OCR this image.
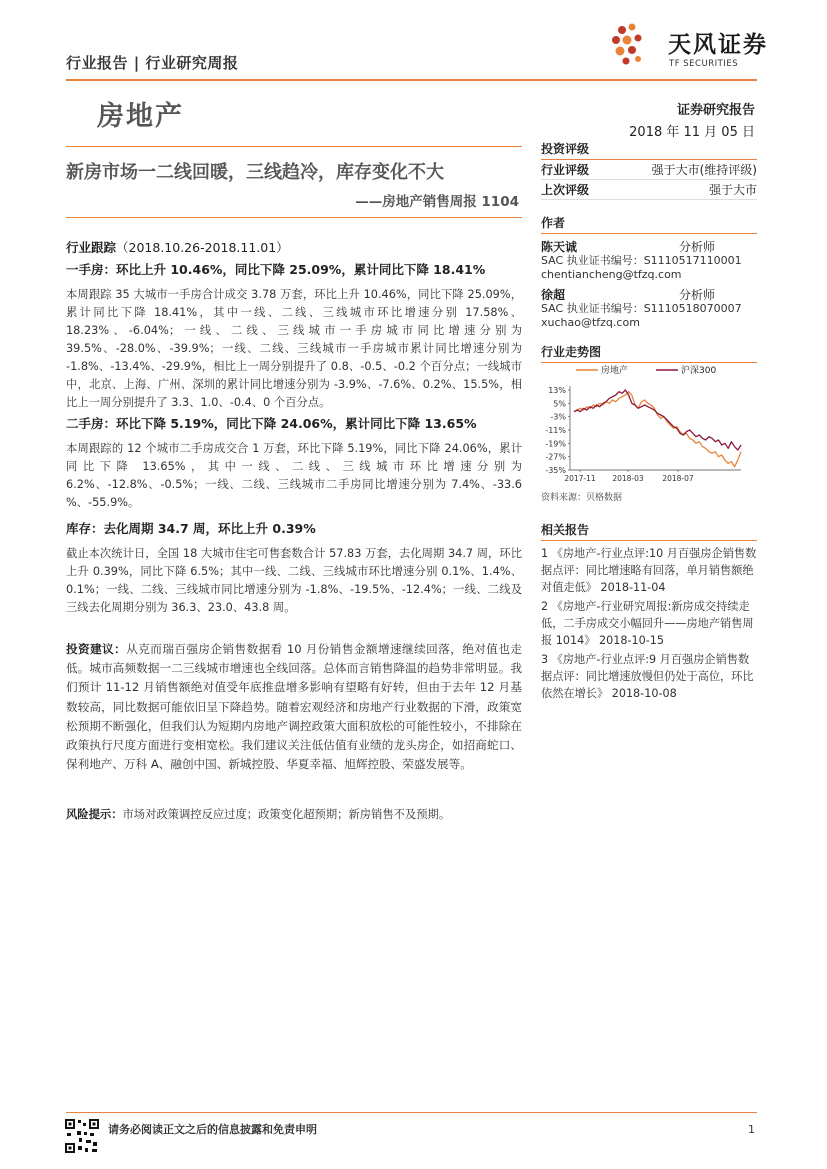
行业报告 | 行业研究周报
天风证券
TF SECURITIES
房地产	证券研究报告
2018 年 11 月 05 日
新房市场一二线回暖，三线趋冷，库存变化不大
——房地产销售周报 1104
行业跟踪（2018.10.26-2018.11.01）
一手房：环比上升 10.46%，同比下降 25.09%，累计同比下降 18.41%
本周跟踪 35 大城市一手房合计成交 3.78 万套，环比上升 10.46%，同比下降 25.09%，累计同比下降 18.41%，其中一线、二线、三线城市环比增速分别 17.58%、18.23%、-6.04%；一线、二线、三线城市一手房城市同比增速分别为 39.5%、-28.0%、-39.9%；一线、二线、三线城市一手房城市累计同比增速分别为 -1.8%、-13.4%、-29.9%，相比上一周分别提升了 0.8、-0.5、-0.2 个百分点；一线城市中，北京、上海、广州、深圳的累计同比增速分别为 -3.9%、-7.6%、0.2%、15.5%，相比上一周分别提升了 3.3、1.0、-0.4、0 个百分点。
二手房：环比下降 5.19%，同比下降 24.06%，累计同比下降 13.65%
本周跟踪的 12 个城市二手房成交合 1 万套，环比下降 5.19%，同比下降 24.06%，累计同比下降 13.65%，其中一线、二线、三线城市环比增速分别为 6.2%、-12.8%、-0.5%；一线、二线、三线城市二手房同比增速分别为 7.4%、-33.6 %、-55.9%。
库存：去化周期 34.7 周，环比上升 0.39%
截止本次统计日，全国 18 大城市住宅可售套数合计 57.83 万套，去化周期 34.7 周，环比上升 0.39%，同比下降 6.5%；其中一线、二线、三线城市环比增速分别 0.1%、1.4%、0.1%；一线、二线、三线城市同比增速分别为 -1.8%、-19.5%、-12.4%；一线、二线及三线去化周期分别为 36.3、23.0、43.8 周。
投资建议：从克而瑞百强房企销售数据看 10 月份销售金额增速继续回落，绝对值也走低。城市高频数据一二三线城市增速也全线回落。总体而言销售降温的趋势非常明显。我们预计 11-12 月销售额绝对值受年底推盘增多影响有望略有好转，但由于去年 12 月基数较高，同比数据可能依旧呈下降趋势。随着宏观经济和房地产行业数据的下滑，政策宽松预期不断强化，但我们认为短期内房地产调控政策大面积放松的可能性较小，不排除在政策执行尺度方面进行变相宽松。我们建议关注低估值有业绩的龙头房企，如招商蛇口、保利地产、万科 A、融创中国、新城控股、华夏幸福、旭辉控股、荣盛发展等。
风险提示：市场对政策调控反应过度；政策变化超预期；新房销售不及预期。
投资评级
行业评级	强于大市(维持评级)
上次评级	强于大市
作者
陈天诚	分析师
SAC 执业证书编号：S1110517110001
chentiancheng@tfzq.com
徐超	分析师
SAC 执业证书编号：S1110518070007
xuchao@tfzq.com
行业走势图
13%
5%
-3%
-11%
-19%
-27%
-35%
2017-11 2018-03 2018-07
房地产	沪深300
资料来源：贝格数据
相关报告
1 《房地产-行业点评:10 月百强房企销售数据点评：同比增速略有回落，单月销售额绝对值走低》 2018-11-04
2 《房地产-行业研究周报:新房成交持续走低，二手房成交小幅回升——房地产销售周报 1014》 2018-10-15
3 《房地产-行业点评:9 月百强房企销售数据点评：同比增速放慢但仍处于高位，环比依然在增长》 2018-10-08
请务必阅读正文之后的信息披露和免责申明	1
